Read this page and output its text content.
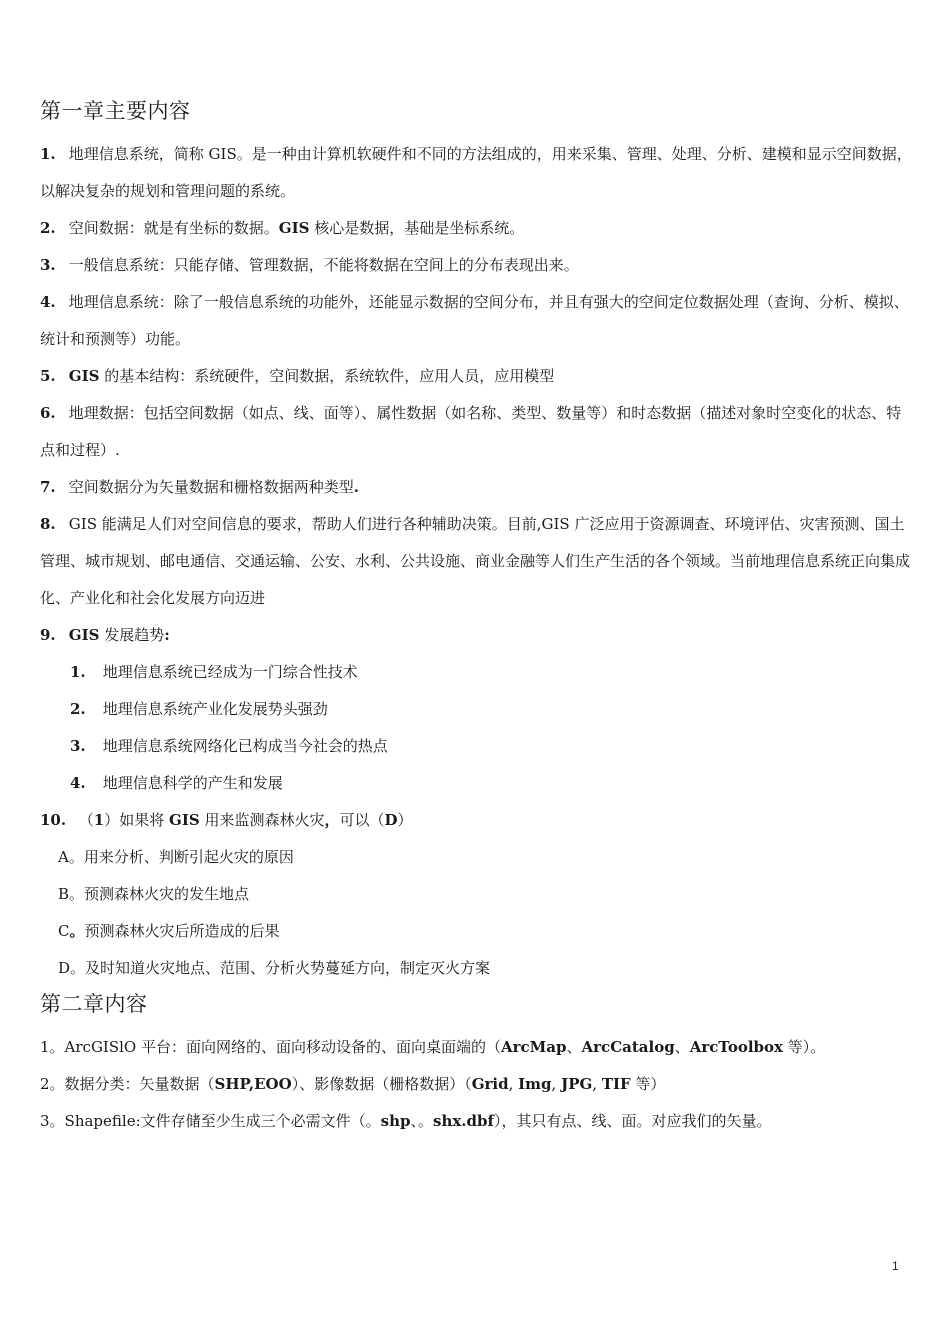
第一章主要内容

1. 地理信息系统，简称 GIS。是一种由计算机软硬件和不同的方法组成的，用来采集、管理、处理、分析、建模和显示空间数据，以解决复杂的规划和管理问题的系统。

2. 空间数据：就是有坐标的数据。GIS 核心是数据，基础是坐标系统。

3. 一般信息系统：只能存储、管理数据，不能将数据在空间上的分布表现出来。

4. 地理信息系统：除了一般信息系统的功能外，还能显示数据的空间分布，并且有强大的空间定位数据处理（查询、分析、模拟、统计和预测等）功能。

5. GIS 的基本结构：系统硬件，空间数据，系统软件，应用人员，应用模型

6. 地理数据：包括空间数据（如点、线、面等）、属性数据（如名称、类型、数量等）和时态数据（描述对象时空变化的状态、特点和过程）.

7. 空间数据分为矢量数据和栅格数据两种类型.

8. GIS 能满足人们对空间信息的要求，帮助人们进行各种辅助决策。目前,GIS 广泛应用于资源调查、环境评估、灾害预测、国土管理、城市规划、邮电通信、交通运输、公安、水利、公共设施、商业金融等人们生产生活的各个领域。当前地理信息系统正向集成化、产业化和社会化发展方向迈进

9. GIS 发展趋势:

1. 地理信息系统已经成为一门综合性技术

2. 地理信息系统产业化发展势头强劲

3. 地理信息系统网络化已构成当今社会的热点

4. 地理信息科学的产生和发展

10. （1）如果将 GIS 用来监测森林火灾，可以（D）

A。用来分析、判断引起火灾的原因

B。预测森林火灾的发生地点

C。预测森林火灾后所造成的后果

D。及时知道火灾地点、范围、分析火势蔓延方向，制定灭火方案

第二章内容

1。ArcGISlO 平台：面向网络的、面向移动设备的、面向桌面端的（ArcMap、ArcCatalog、ArcToolbox 等）。

2。数据分类：矢量数据（SHP,EOO）、影像数据（栅格数据）（Grid, Img, JPG, TIF 等）

3。Shapefile:文件存储至少生成三个必需文件（。shp、。shx.dbf），其只有点、线、面。对应我们的矢量。

1
